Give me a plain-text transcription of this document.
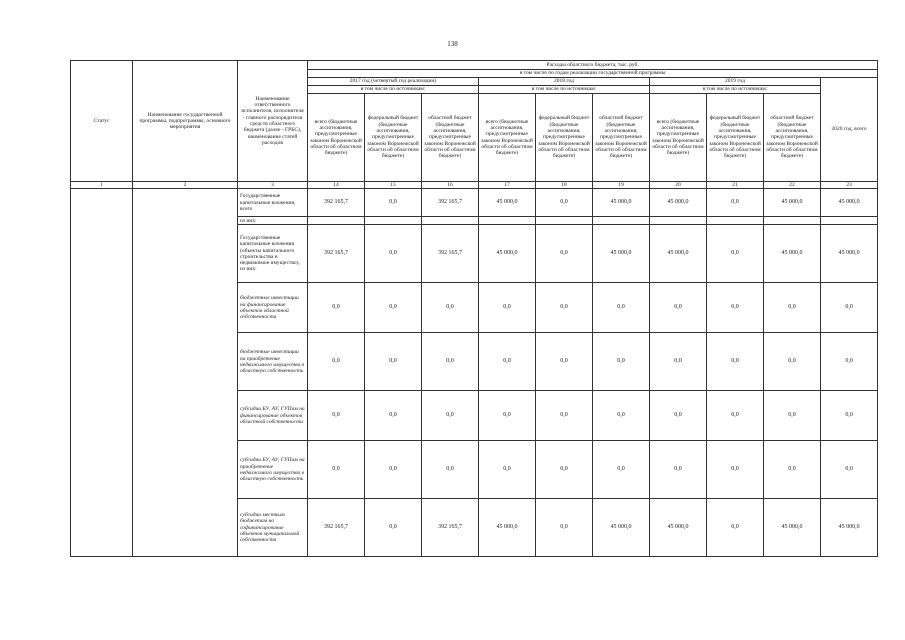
138
Статус	Наименование государственной программы, подпрограммы, основного мероприятия	Наименование ответственного исполнителя, исполнителя - главного распорядителя средств областного бюджета (далее - ГРБС), наименование статей расходов	Расходы областного бюджета, тыс. руб.									
			в том числе по годам реализации государственной программы									
			2017 год (четвертый год реализации)			2018 год			2019 год			2020 год, всего
			в том числе по источникам:			в том числе по источникам:			в том числе по источникам:			
			всего (бюджетные ассигнования, предусмотренные законом Воронежской области об областном бюджете)	федеральный бюджет (бюджетные ассигнования, предусмотренные законом Воронежской области об областном бюджете)	областной бюджет (бюджетные ассигнования, предусмотренные законом Воронежской области об областном бюджете)	всего (бюджетные ассигнования, предусмотренные законом Воронежской области об областном бюджете)	федеральный бюджет (бюджетные ассигнования, предусмотренные законом Воронежской области об областном бюджете)	областной бюджет (бюджетные ассигнования, предусмотренные законом Воронежской области об областном бюджете)	всего (бюджетные ассигнования, предусмотренные законом Воронежской области об областном бюджете)	федеральный бюджет (бюджетные ассигнования, предусмотренные законом Воронежской области об областном бюджете)	областной бюджет (бюджетные ассигнования, предусмотренные законом Воронежской области об областном бюджете)	
1	2	3	14	15	16	17	18	19	20	21	22	23
		Государственные капитальные вложения, всего	392 165,7	0,0	392 165,7	45 000,0	0,0	45 000,0	45 000,0	0,0	45 000,0	45 000,0
		из них:										
		Государственные капитальные вложения (объекты капитального строительства и недвижимое имущество), из них:	392 165,7	0,0	392 165,7	45 000,0	0,0	45 000,0	45 000,0	0,0	45 000,0	45 000,0
		бюджетные инвестиции на финансирование объектов областной собственности	0,0	0,0	0,0	0,0	0,0	0,0	0,0	0,0	0,0	0,0
		бюджетные инвестиции на приобретение недвижимого имущества в областную собственность	0,0	0,0	0,0	0,0	0,0	0,0	0,0	0,0	0,0	0,0
		субсидии БУ, АУ, ГУПам на финансирование объектов областной собственности	0,0	0,0	0,0	0,0	0,0	0,0	0,0	0,0	0,0	0,0
		субсидии БУ, АУ, ГУПам на приобретение недвижимого имущества в областную собственность	0,0	0,0	0,0	0,0	0,0	0,0	0,0	0,0	0,0	0,0
		субсидии местным бюджетам на софинансирование объектов муниципальной собственности	392 165,7	0,0	392 165,7	45 000,0	0,0	45 000,0	45 000,0	0,0	45 000,0	45 000,0
